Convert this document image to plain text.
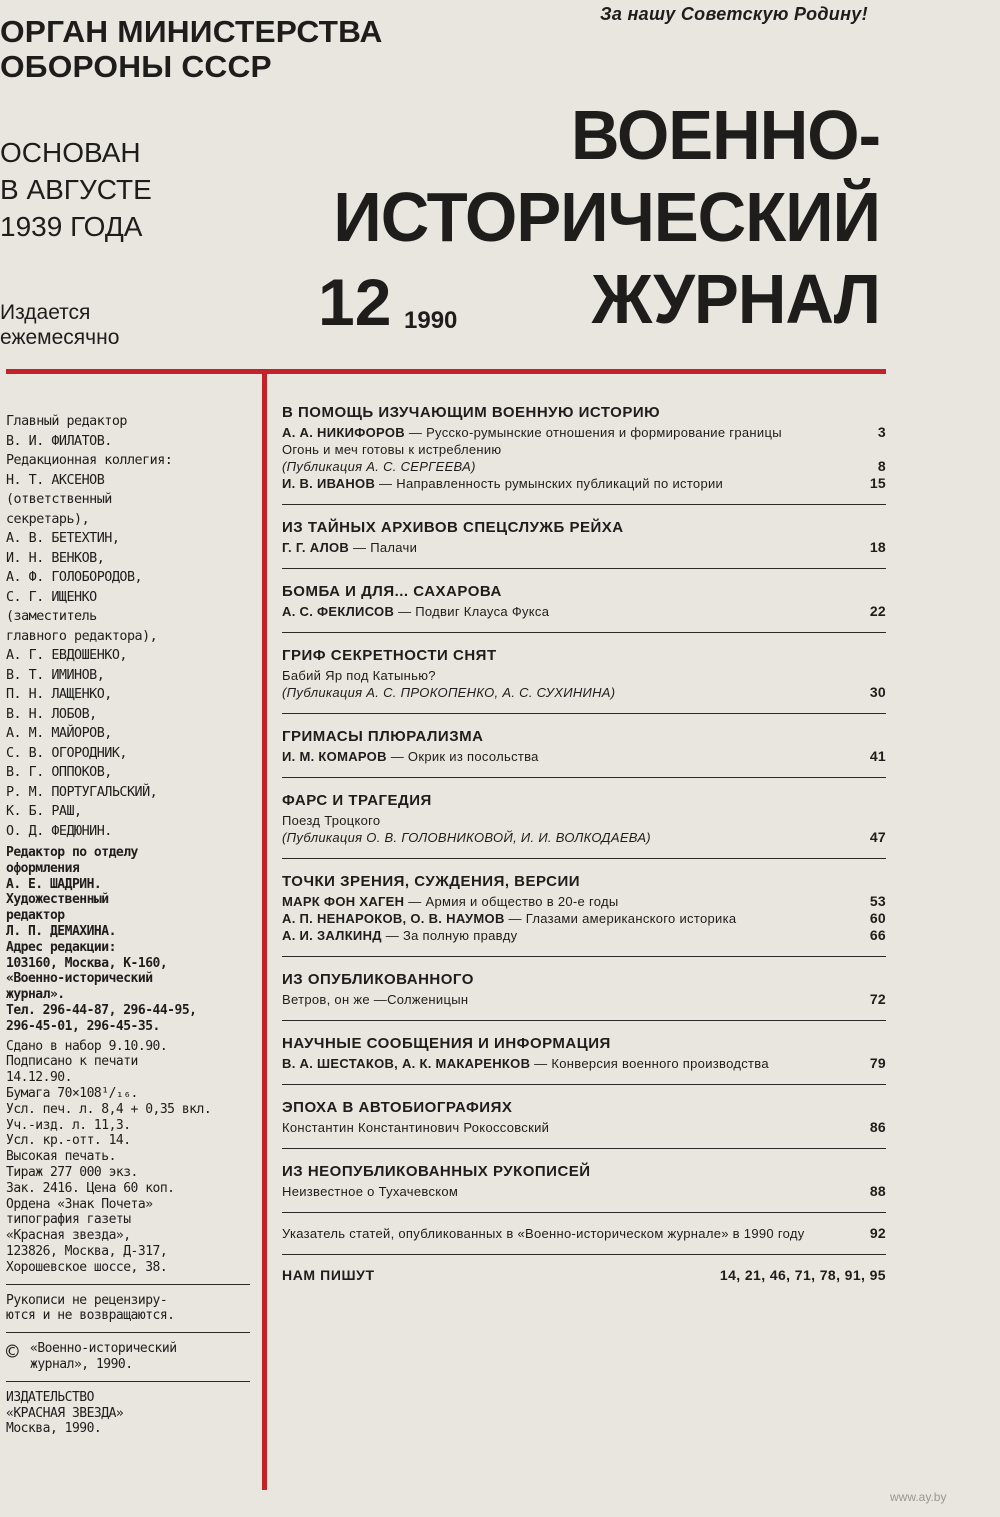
ОРГАН МИНИСТЕРСТВА
ОБОРОНЫ СССР
ОСНОВАН
В АВГУСТЕ
1939 ГОДА
Издается
ежемесячно
За нашу Советскую Родину!
ВОЕННО-
ИСТОРИЧЕСКИЙ
ЖУРНАЛ
12 1990
Главный редактор
В. И. ФИЛАТОВ.
Редакционная коллегия:
Н. Т. АКСЕНОВ
(ответственный
секретарь),
А. В. БЕТЕХТИН,
И. Н. ВЕНКОВ,
А. Ф. ГОЛОБОРОДОВ,
С. Г. ИЩЕНКО
(заместитель
главного редактора),
А. Г. ЕВДОШЕНКО,
В. Т. ИМИНОВ,
П. Н. ЛАЩЕНКО,
В. Н. ЛОБОВ,
А. М. МАЙОРОВ,
С. В. ОГОРОДНИК,
В. Г. ОППОКОВ,
Р. М. ПОРТУГАЛЬСКИЙ,
К. Б. РАШ,
О. Д. ФЕДЮНИН.
Редактор по отделу
оформления
А. Е. ШАДРИН.
Художественный
редактор
Л. П. ДЕМАХИНА.
Адрес редакции:
103160, Москва, К-160,
«Военно-исторический
журнал».
Тел. 296-44-87, 296-44-95,
296-45-01, 296-45-35.
Сдано в набор 9.10.90.
Подписано к печати
14.12.90.
Бумага 70×108¹/₁₆.
Усл. печ. л. 8,4 + 0,35 вкл.
Уч.-изд. л. 11,3.
Усл. кр.-отт. 14.
Высокая печать.
Тираж 277 000 экз.
Зак. 2416. Цена 60 коп.
Ордена «Знак Почета»
типография газеты
«Красная звезда»,
123826, Москва, Д-317,
Хорошевское шоссе, 38.
Рукописи не рецензиру-
ются и не возвращаются.
© «Военно-исторический
журнал», 1990.
ИЗДАТЕЛЬСТВО
«КРАСНАЯ ЗВЕЗДА»
Москва, 1990.
В ПОМОЩЬ ИЗУЧАЮЩИМ ВОЕННУЮ ИСТОРИЮ
А. А. НИКИФОРОВ — Русско-румынские отношения и формирование границы	3
Огонь и меч готовы к истреблению
(Публикация А. С. СЕРГЕЕВА)	8
И. В. ИВАНОВ — Направленность румынских публикаций по истории	15
ИЗ ТАЙНЫХ АРХИВОВ СПЕЦСЛУЖБ РЕЙХА
Г. Г. АЛОВ — Палачи	18
БОМБА И ДЛЯ... САХАРОВА
А. С. ФЕКЛИСОВ — Подвиг Клауса Фукса	22
ГРИФ СЕКРЕТНОСТИ СНЯТ
Бабий Яр под Катынью?
(Публикация А. С. ПРОКОПЕНКО, А. С. СУХИНИНА)	30
ГРИМАСЫ ПЛЮРАЛИЗМА
И. М. КОМАРОВ — Окрик из посольства	41
ФАРС И ТРАГЕДИЯ
Поезд Троцкого
(Публикация О. В. ГОЛОВНИКОВОЙ, И. И. ВОЛКОДАЕВА)	47
ТОЧКИ ЗРЕНИЯ, СУЖДЕНИЯ, ВЕРСИИ
МАРК ФОН ХАГЕН — Армия и общество в 20-е годы	53
А. П. НЕНАРОКОВ, О. В. НАУМОВ — Глазами американского историка	60
А. И. ЗАЛКИНД — За полную правду	66
ИЗ ОПУБЛИКОВАННОГО
Ветров, он же —Солженицын	72
НАУЧНЫЕ СООБЩЕНИЯ И ИНФОРМАЦИЯ
В. А. ШЕСТАКОВ, А. К. МАКАРЕНКОВ — Конверсия военного производства	79
ЭПОХА В АВТОБИОГРАФИЯХ
Константин Константинович Рокоссовский	86
ИЗ НЕОПУБЛИКОВАННЫХ РУКОПИСЕЙ
Неизвестное о Тухачевском	88
Указатель статей, опубликованных в «Военно-историческом журнале» в 1990 году	92
НАМ ПИШУТ	14, 21, 46, 71, 78, 91, 95
www.ay.by
